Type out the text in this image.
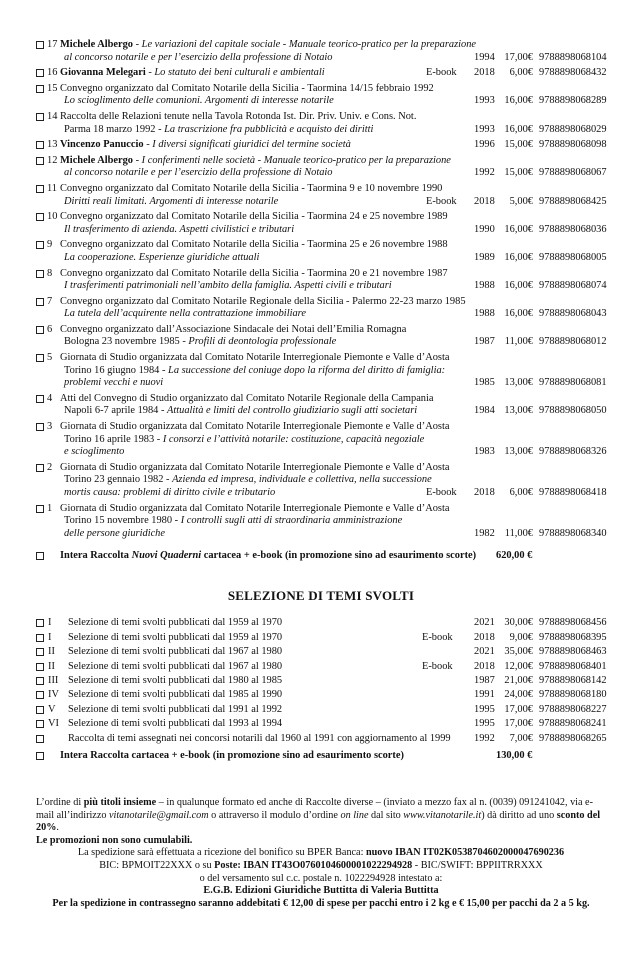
17 Michele Albergo - Le variazioni del capitale sociale - Manuale teorico-pratico per la preparazione
al concorso notarile e per l’esercizio della professione di Notaio	1994 17,00€ 9788898068104
16 Giovanna Melegari - Lo statuto dei beni culturali e ambientali	E-book 2018	6,00€ 9788898068432
15 Convegno organizzato dal Comitato Notarile della Sicilia - Taormina 14/15 febbraio 1992
Lo scioglimento delle comunioni. Argomenti di interesse notarile	1993 16,00€ 9788898068289
14 Raccolta delle Relazioni tenute nella Tavola Rotonda Ist. Dir. Priv. Univ. e Cons. Not.
Parma 18 marzo 1992 - La trascrizione fra pubblicità e acquisto dei diritti	1993 16,00€ 9788898068029
13 Vincenzo Panuccio - I diversi significati giuridici del termine società	1996 15,00€ 9788898068098
12 Michele Albergo - I conferimenti nelle società - Manuale teorico-pratico per la preparazione
al concorso notarile e per l’esercizio della professione di Notaio	1992 15,00€ 9788898068067
11 Convegno organizzato dal Comitato Notarile della Sicilia - Taormina 9 e 10 novembre 1990
Diritti reali limitati. Argomenti di interesse notarile	E-book 2018	5,00€ 9788898068425
10 Convegno organizzato dal Comitato Notarile della Sicilia - Taormina 24 e 25 novembre 1989
Il trasferimento di azienda. Aspetti civilistici e tributari	1990 16,00€ 9788898068036
9 Convegno organizzato dal Comitato Notarile della Sicilia - Taormina 25 e 26 novembre 1988
La cooperazione. Esperienze giuridiche attuali	1989 16,00€ 9788898068005
8 Convegno organizzato dal Comitato Notarile della Sicilia - Taormina 20 e 21 novembre 1987
I trasferimenti patrimoniali nell’ambito della famiglia. Aspetti civili e tributari	1988 16,00€ 9788898068074
7 Convegno organizzato dal Comitato Notarile Regionale della Sicilia - Palermo 22-23 marzo 1985
La tutela dell’acquirente nella contrattazione immobiliare	1988 16,00€ 9788898068043
6 Convegno organizzato dall’Associazione Sindacale dei Notai dell’Emilia Romagna
Bologna 23 novembre 1985 - Profili di deontologia professionale	1987 11,00€ 9788898068012
5 Giornata di Studio organizzata dal Comitato Notarile Interregionale Piemonte e Valle d’Aosta
Torino 16 giugno 1984 - La successione del coniuge dopo la riforma del diritto di famiglia:
problemi vecchi e nuovi	1985 13,00€ 9788898068081
4 Atti del Convegno di Studio organizzato dal Comitato Notarile Regionale della Campania
Napoli 6-7 aprile 1984 - Attualità e limiti del controllo giudiziario sugli atti societari	1984 13,00€ 9788898068050
3 Giornata di Studio organizzata dal Comitato Notarile Interregionale Piemonte e Valle d’Aosta
Torino 16 aprile 1983 - I consorzi e l’attività notarile: costituzione, capacità negoziale
e scioglimento	1983 13,00€ 9788898068326
2 Giornata di Studio organizzata dal Comitato Notarile Interregionale Piemonte e Valle d’Aosta
Torino 23 gennaio 1982 - Azienda ed impresa, individuale e collettiva, nella successione
mortis causa: problemi di diritto civile e tributario	E-book 2018	6,00€ 9788898068418
1 Giornata di Studio organizzata dal Comitato Notarile Interregionale Piemonte e Valle d’Aosta
Torino 15 novembre 1980 - I controlli sugli atti di straordinaria amministrazione
delle persone giuridiche	1982 11,00€ 9788898068340
Intera Raccolta Nuovi Quaderni cartacea + e-book (in promozione sino ad esaurimento scorte) 620,00 €
SELEZIONE DI TEMI SVOLTI
I Selezione di temi svolti pubblicati dal 1959 al 1970	2021 30,00€ 9788898068456
I Selezione di temi svolti pubblicati dal 1959 al 1970	E-book 2018	9,00€ 9788898068395
II Selezione di temi svolti pubblicati dal 1967 al 1980	2021 35,00€ 9788898068463
II Selezione di temi svolti pubblicati dal 1967 al 1980	E-book 2018 12,00€ 9788898068401
III Selezione di temi svolti pubblicati dal 1980 al 1985	1987 21,00€ 9788898068142
IV Selezione di temi svolti pubblicati dal 1985 al 1990	1991 24,00€ 9788898068180
V Selezione di temi svolti pubblicati dal 1991 al 1992	1995 17,00€ 9788898068227
VI Selezione di temi svolti pubblicati dal 1993 al 1994	1995 17,00€ 9788898068241
Raccolta di temi assegnati nei concorsi notarili dal 1960 al 1991 con aggiornamento al 1999 1992	7,00€ 9788898068265
Intera Raccolta cartacea + e-book (in promozione sino ad esaurimento scorte)	130,00 €

L’ordine di più titoli insieme – in qualunque formato ed anche di Raccolte diverse – (inviato a mezzo fax al n. (0039) 091241042, via e-mail all’indirizzo vitanotarile@gmail.com o attraverso il modulo d’ordine on line dal sito www.vitanotarile.it) dà diritto ad uno sconto del 20%.

Le promozioni non sono cumulabili.

La spedizione sarà effettuata a ricezione del bonifico su BPER Banca: nuovo IBAN IT02K0538704602000047690236
BIC: BPMOIT22XXX o su Poste: IBAN IT43O0760104600001022294928 - BIC/SWIFT: BPPIITRRXXX
o del versamento sul c.c. postale n. 1022294928 intestato a:

E.G.B. Edizioni Giuridiche Buttitta di Valeria Buttitta

Per la spedizione in contrassegno saranno addebitati € 12,00 di spese per pacchi entro i 2 kg e € 15,00 per pacchi da 2 a 5 kg.
